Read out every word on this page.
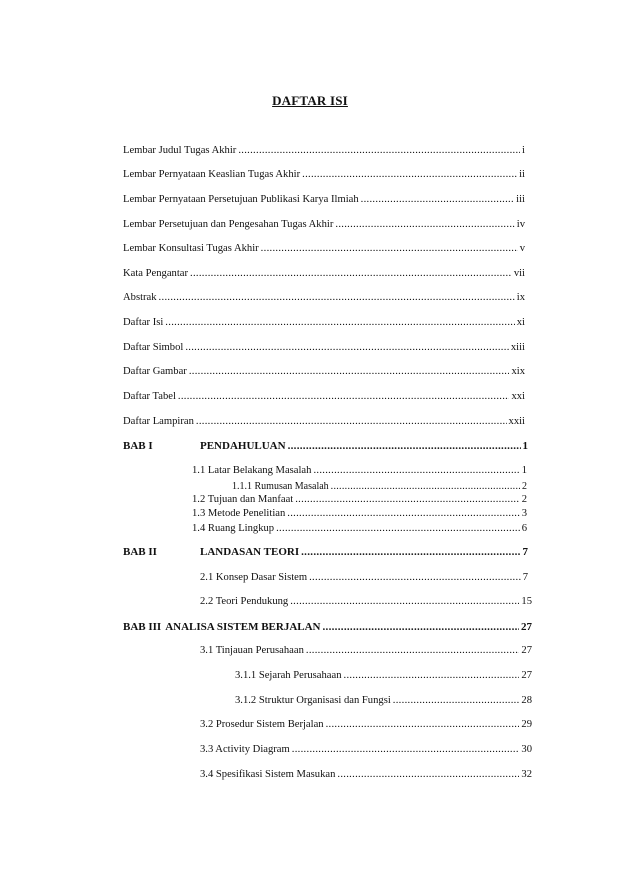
DAFTAR ISI
Lembar Judul Tugas Akhir .....	i
Lembar Pernyataan Keaslian Tugas Akhir .....	ii
Lembar Pernyataan Persetujuan Publikasi Karya Ilmiah .....	iii
Lembar Persetujuan dan Pengesahan Tugas Akhir .....	iv
Lembar Konsultasi Tugas Akhir .....	v
Kata Pengantar .....	vii
Abstrak .....	ix
Daftar Isi .....	xi
Daftar Simbol .....	xiii
Daftar Gambar .....	xix
Daftar Tabel .....	xxi
Daftar Lampiran .....	xxii
BAB I	PENDAHULUAN .....	1
1.1 Latar Belakang Masalah .....	1
1.1.1 Rumusan Masalah .....	2
1.2 Tujuan dan Manfaat .....	2
1.3 Metode Penelitian .....	3
1.4 Ruang Lingkup .....	6
BAB II	LANDASAN TEORI .....	7
2.1 Konsep Dasar Sistem .....	7
2.2 Teori Pendukung .....	15
BAB III ANALISA SISTEM BERJALAN .....	27
3.1 Tinjauan Perusahaan .....	27
3.1.1 Sejarah Perusahaan .....	27
3.1.2 Struktur Organisasi dan Fungsi .....	28
3.2 Prosedur Sistem Berjalan .....	29
3.3 Activity Diagram .....	30
3.4 Spesifikasi Sistem Masukan .....	32
